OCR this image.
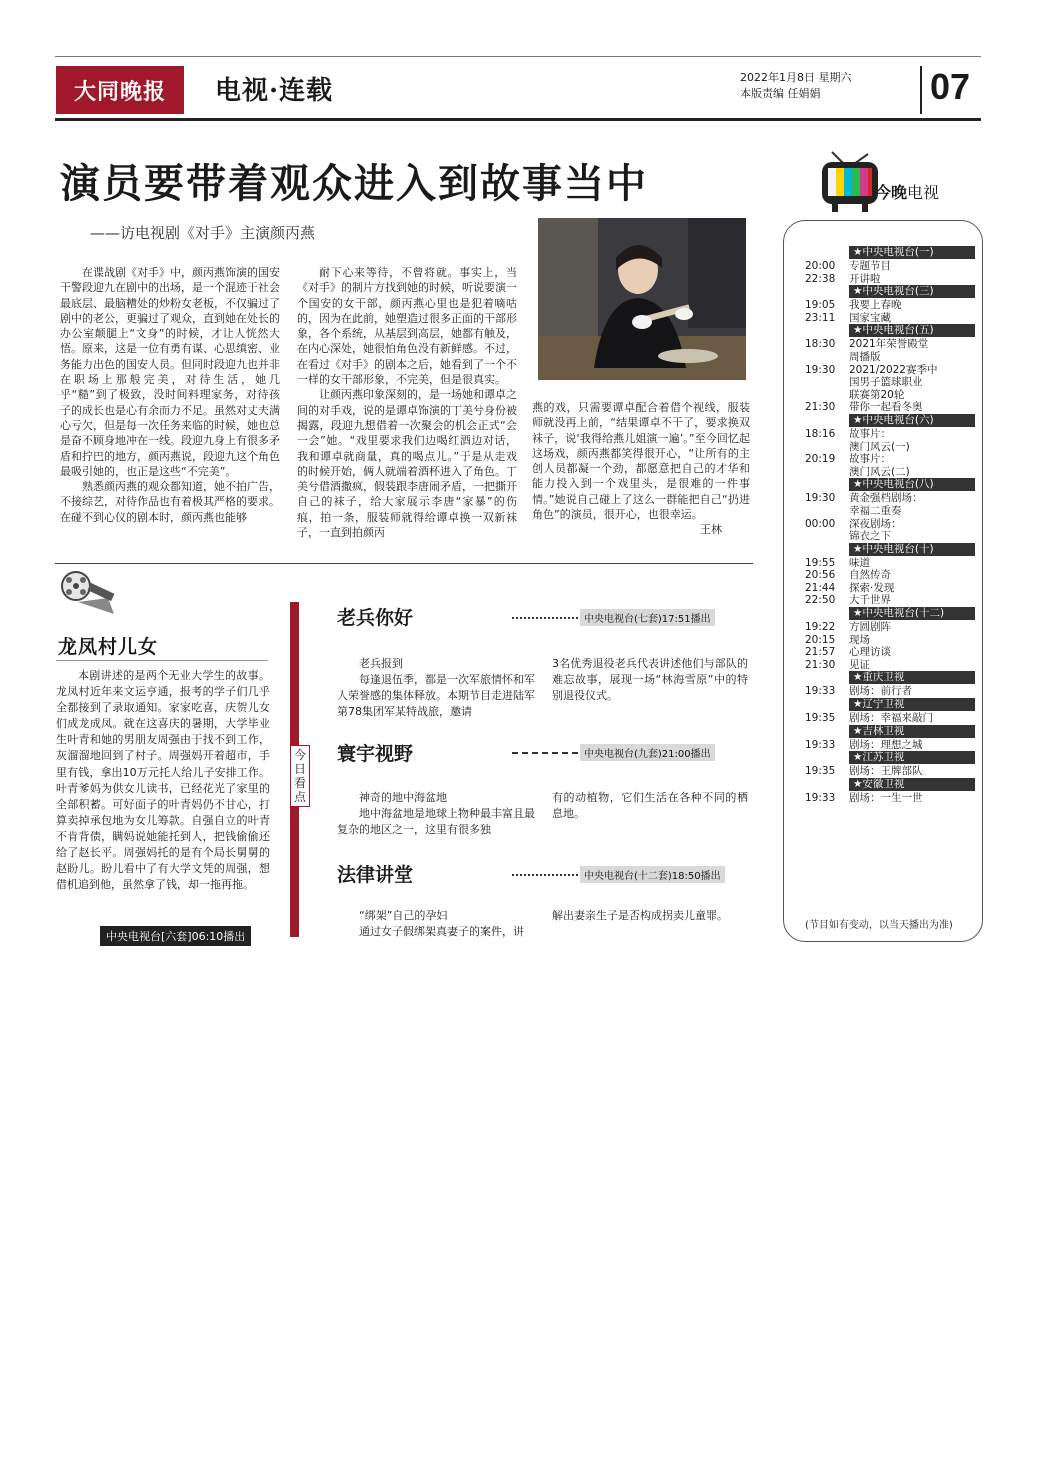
大同晚报 电视·连载	2022年1月8日 星期六
本版责编 任娟娟	07
演员要带着观众进入到故事当中
——访电视剧《对手》主演颜丙燕

在谍战剧《对手》中，颜丙燕饰演的国安干警段迎九在剧中的出场，是一个混迹于社会最底层、最脑糟处的炒粉女老板，不仅骗过了剧中的老公，更骗过了观众，直到她在处长的办公室颠腿上“文身”的时候，才让人恍然大悟。原来，这是一位有勇有谋、心思缜密、业务能力出色的国安人员。但同时段迎九也并非在职场上那般完美，对待生活，她几乎“糙”到了极致，没时间料理家务，对待孩子的成长也是心有余而力不足。虽然对丈夫满心亏欠，但是每一次任务来临的时候，她也总是奋不顾身地冲在一线。段迎九身上有很多矛盾和拧巴的地方，颜丙燕说，段迎九这个角色最吸引她的，也正是这些“不完美”。

熟悉颜丙燕的观众都知道，她不拍广告，不接综艺，对待作品也有着极其严格的要求。在碰不到心仪的剧本时，颜丙燕也能够

耐下心来等待，不曾将就。事实上，当《对手》的制片方找到她的时候，听说要演一个国安的女干部，颜丙燕心里也是犯着嘀咕的，因为在此前，她塑造过很多正面的干部形象，各个系统，从基层到高层，她都有触及，在内心深处，她很怕角色没有新鲜感。不过，在看过《对手》的剧本之后，她看到了一个不一样的女干部形象，不完美，但是很真实。

让颜丙燕印象深刻的，是一场她和谭卓之间的对手戏，说的是谭卓饰演的丁美兮身份被揭露，段迎九想借着一次聚会的机会正式“会一会”她。“戏里要求我们边喝红酒边对话，我和谭卓就商量，真的喝点儿。”于是从走戏的时候开始，俩人就端着酒杯进入了角色。丁美兮借酒撒疯，假装跟李唐闹矛盾，一把撕开自己的袜子，给大家展示李唐“家暴”的伤痕，拍一条，服装师就得给谭卓换一双新袜子，一直到拍颜丙

燕的戏，只需要谭卓配合着借个视线，服装师就没再上前，“结果谭卓不干了，要求换双袜子，说‘我得给燕儿姐演一遍’。”至今回忆起这场戏，颜丙燕都笑得很开心，“让所有的主创人员都凝一个劲，都愿意把自己的才华和能力投入到一个戏里头，是很难的一件事情。”她说自己碰上了这么一群能把自己“扔进角色”的演员，很开心，也很幸运。

王林
龙凤村儿女

本剧讲述的是两个无业大学生的故事。龙凤村近年来文运亨通，报考的学子们几乎全都接到了录取通知。家家吃喜，庆贺儿女们成龙成凤。就在这喜庆的暑期，大学毕业生叶青和她的男朋友周强由于找不到工作，灰溜溜地回到了村子。周强妈开着超市，手里有钱，拿出10万元托人给儿子安排工作。叶青爹妈为供女儿读书，已经花光了家里的全部积蓄。可好面子的叶青妈仍不甘心，打算卖掉承包地为女儿筹款。自强自立的叶青不肯背债，瞒妈说她能托到人，把钱偷偷还给了赵长平。周强妈托的是有个局长舅舅的赵盼儿。盼儿看中了有大学文凭的周强，想借机追到他，虽然拿了钱，却一拖再拖。

中央电视台[六套]06:10播出
今日看点
老兵你好	中央电视台(七套)17:51播出

老兵报到

每逢退伍季，都是一次军旅情怀和军人荣誉感的集体释放。本期节目走进陆军第78集团军某特战旅，邀请

3名优秀退役老兵代表讲述他们与部队的难忘故事，展现一场“林海雪原”中的特别退役仪式。

寰宇视野	中央电视台(九套)21:00播出

神奇的地中海盆地

地中海盆地是地球上物种最丰富且最复杂的地区之一，这里有很多独

有的动植物，它们生活在各种不同的栖息地。

法律讲堂	中央电视台(十二套)18:50播出

“绑架”自己的孕妇

通过女子假绑架真妻子的案件，讲

解出妻亲生子是否构成拐卖儿童罪。

今晚电视
★中央电视台(一)
20:00	专题节目
22:38	开讲啦
★中央电视台(三)
19:05	我要上春晚
23:11	国家宝藏
★中央电视台(五)
18:30	2021年荣誉殿堂
周播版
19:30	2021/2022赛季中
国男子篮球职业
联赛第20轮
21:30	带你一起看冬奥
★中央电视台(六)
18:16	故事片：
澳门风云(一)
20:19	故事片：
澳门风云(二)
★中央电视台(八)
19:30	黄金强档剧场：
幸福二重奏
00:00	深夜剧场：
锦衣之下
★中央电视台(十)
19:55	味道
20:56	自然传奇
21:44	探索·发现
22:50	大千世界
★中央电视台(十二)
19:22	方圆剧阵
20:15	现场
21:57	心理访谈
21:30	见证
★重庆卫视
19:33	剧场：前行者
★辽宁卫视
19:35	剧场：幸福来敲门
★吉林卫视
19:33	剧场：理想之城
★江苏卫视
19:35	剧场：王牌部队
★安徽卫视
19:33	剧场：一生一世
(节目如有变动，以当天播出为准)
